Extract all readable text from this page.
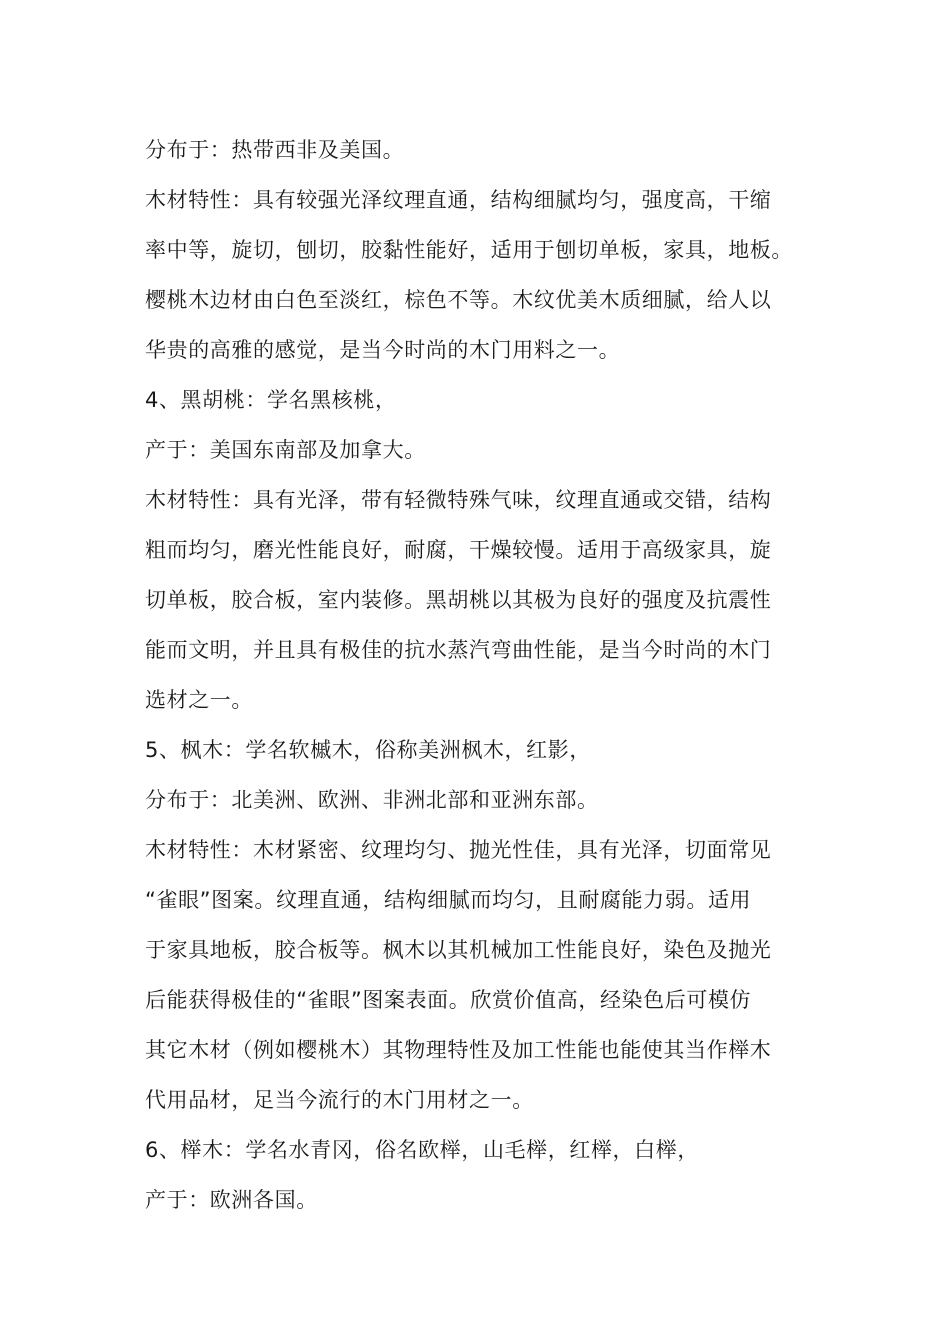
分布于：热带西非及美国。
木材特性：具有较强光泽纹理直通，结构细腻均匀，强度高，干缩
率中等，旋切，刨切，胶黏性能好，适用于刨切单板，家具，地板。
樱桃木边材由白色至淡红，棕色不等。木纹优美木质细腻，给人以
华贵的高雅的感觉，是当今时尚的木门用料之一。
4、黑胡桃：学名黑核桃，
产于：美国东南部及加拿大。
木材特性：具有光泽，带有轻微特殊气味，纹理直通或交错，结构
粗而均匀，磨光性能良好，耐腐，干燥较慢。适用于高级家具，旋
切单板，胶合板，室内装修。黑胡桃以其极为良好的强度及抗震性
能而文明，并且具有极佳的抗水蒸汽弯曲性能，是当今时尚的木门
选材之一。
5、枫木：学名软槭木，俗称美洲枫木，红影，
分布于：北美洲、欧洲、非洲北部和亚洲东部。
木材特性：木材紧密、纹理均匀、抛光性佳，具有光泽，切面常见
“雀眼”图案。纹理直通，结构细腻而均匀，且耐腐能力弱。适用
于家具地板，胶合板等。枫木以其机械加工性能良好，染色及抛光
后能获得极佳的“雀眼”图案表面。欣赏价值高，经染色后可模仿
其它木材（例如樱桃木）其物理特性及加工性能也能使其当作榉木
代用品材，足当今流行的木门用材之一。
6、榉木：学名水青冈，俗名欧榉，山毛榉，红榉，白榉，
产于：欧洲各国。
